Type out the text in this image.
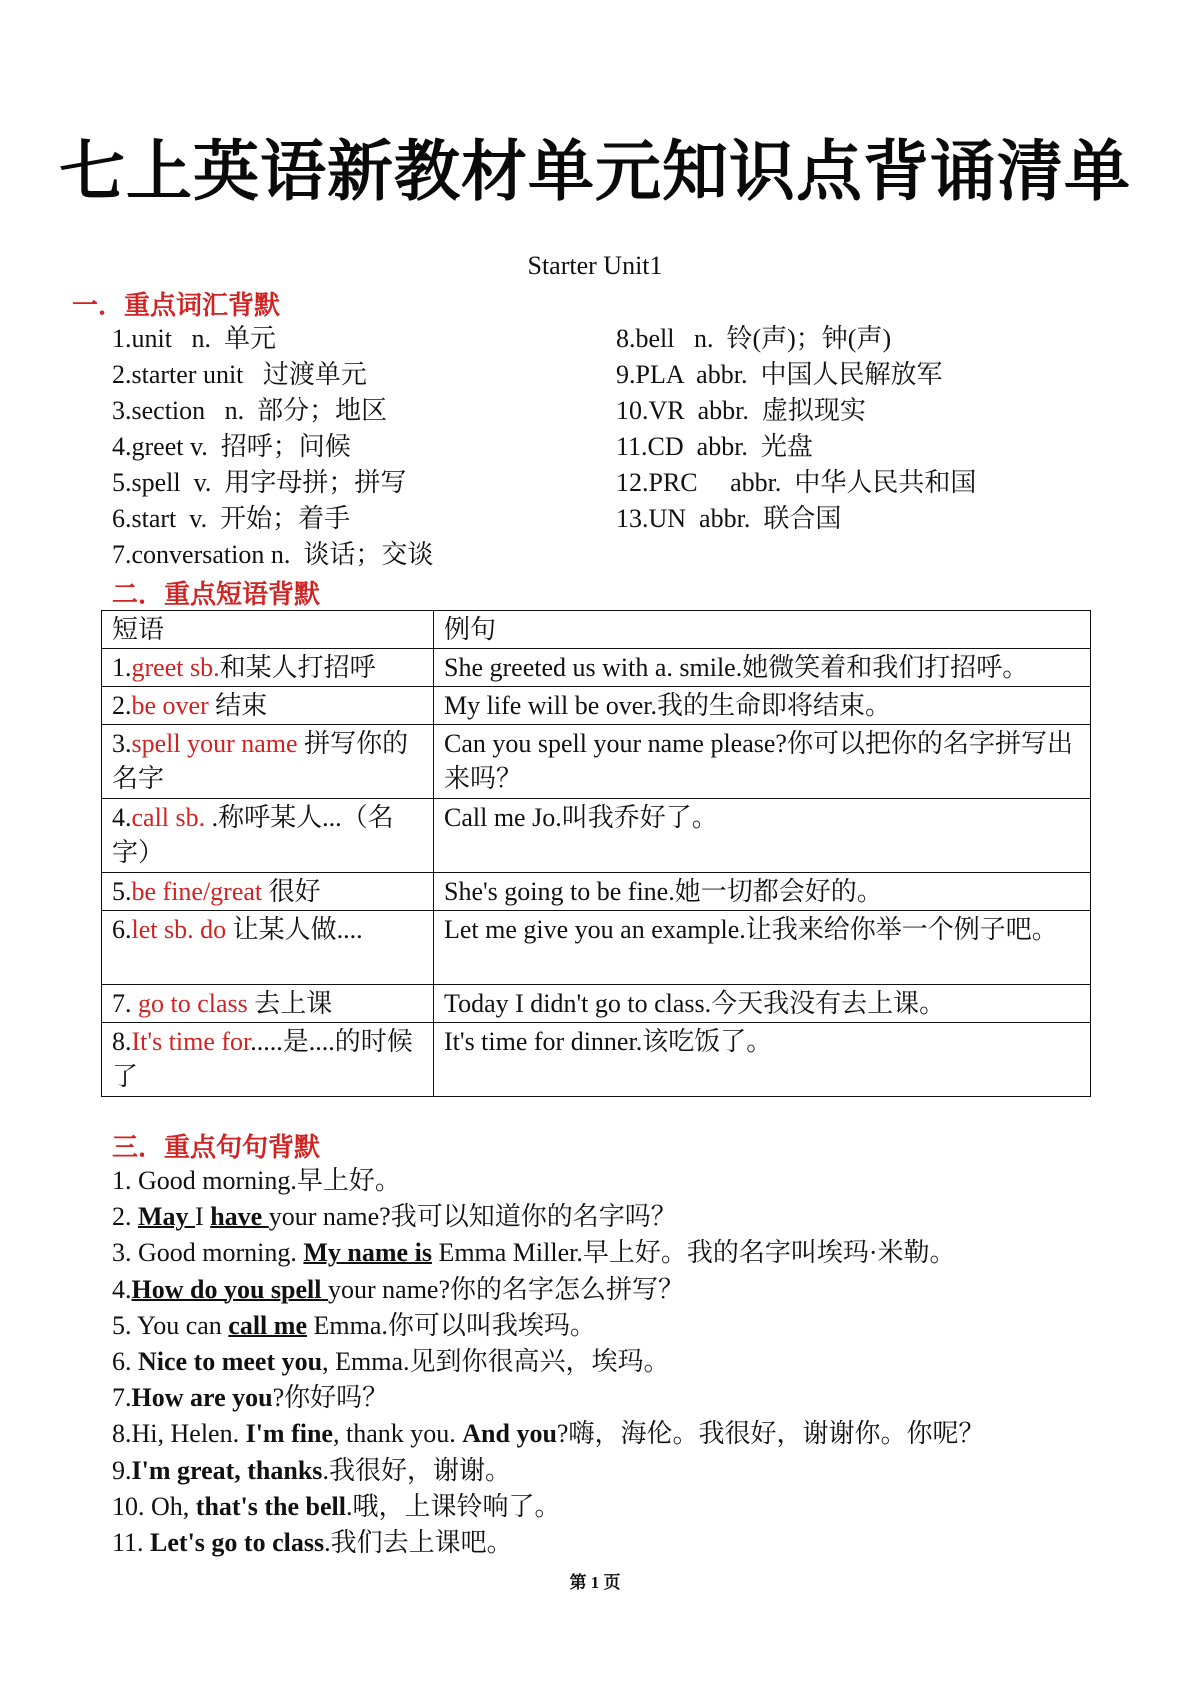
七上英语新教材单元知识点背诵清单
Starter Unit1
一．重点词汇背默
1.unit   n.  单元
2.starter unit   过渡单元
3.section   n.  部分；地区
4.greet v.  招呼；问候
5.spell  v.  用字母拼；拼写
6.start  v.  开始；着手
7.conversation n.  谈话；交谈
8.bell   n.  铃(声)；钟(声)
9.PLA  abbr.  中国人民解放军
10.VR  abbr.  虚拟现实
11.CD  abbr.  光盘
12.PRC     abbr.  中华人民共和国
13.UN  abbr.  联合国
二．重点短语背默
短语	例句
1.greet sb.和某人打招呼	She greeted us with a. smile.她微笑着和我们打招呼。
2.be over 结束	My life will be over.我的生命即将结束。
3.spell your name 拼写你的名字	Can you spell your name please?你可以把你的名字拼写出来吗？
4.call sb. .称呼某人...（名字）	Call me Jo.叫我乔好了。
5.be fine/great 很好	She's going to be fine.她一切都会好的。
6.let sb. do 让某人做....	Let me give you an example.让我来给你举一个例子吧。
7. go to class 去上课	Today I didn't go to class.今天我没有去上课。
8.It's time for.....是....的时候了	It's time for dinner.该吃饭了。
三．重点句句背默
1. Good morning.早上好。
2. May I have your name?我可以知道你的名字吗？
3. Good morning. My name is Emma Miller.早上好。我的名字叫埃玛·米勒。
4.How do you spell your name?你的名字怎么拼写？
5. You can call me Emma.你可以叫我埃玛。
6. Nice to meet you, Emma.见到你很高兴，埃玛。
7.How are you?你好吗？
8.Hi, Helen. I'm fine, thank you. And you?嗨，海伦。我很好，谢谢你。你呢？
9.I'm great, thanks.我很好，谢谢。
10. Oh, that's the bell.哦，上课铃响了。
11. Let's go to class.我们去上课吧。
第 1 页
